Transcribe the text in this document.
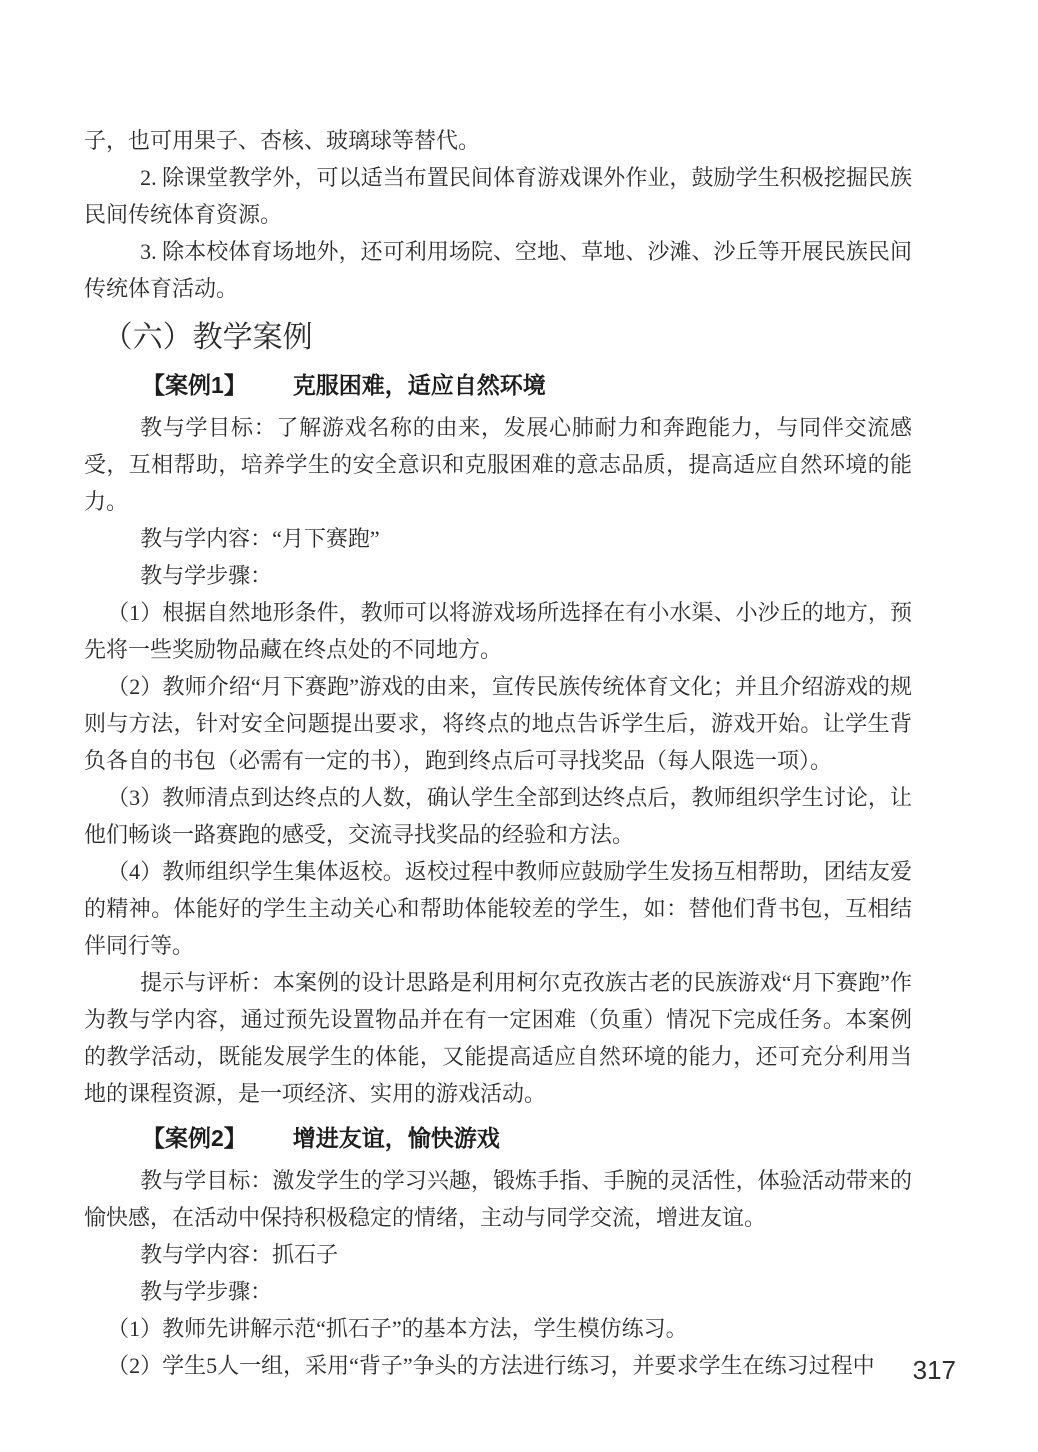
子，也可用果子、杏核、玻璃球等替代。

2. 除课堂教学外，可以适当布置民间体育游戏课外作业，鼓励学生积极挖掘民族民间传统体育资源。

3. 除本校体育场地外，还可利用场院、空地、草地、沙滩、沙丘等开展民族民间传统体育活动。

（六）教学案例
【案例1】 克服困难，适应自然环境

教与学目标：了解游戏名称的由来，发展心肺耐力和奔跑能力，与同伴交流感受，互相帮助，培养学生的安全意识和克服困难的意志品质，提高适应自然环境的能力。

教与学内容：“月下赛跑”

教与学步骤：

（1）根据自然地形条件，教师可以将游戏场所选择在有小水渠、小沙丘的地方，预先将一些奖励物品藏在终点处的不同地方。

（2）教师介绍“月下赛跑”游戏的由来，宣传民族传统体育文化；并且介绍游戏的规则与方法，针对安全问题提出要求，将终点的地点告诉学生后，游戏开始。让学生背负各自的书包（必需有一定的书），跑到终点后可寻找奖品（每人限选一项）。

（3）教师清点到达终点的人数，确认学生全部到达终点后，教师组织学生讨论，让他们畅谈一路赛跑的感受，交流寻找奖品的经验和方法。

（4）教师组织学生集体返校。返校过程中教师应鼓励学生发扬互相帮助，团结友爱的精神。体能好的学生主动关心和帮助体能较差的学生，如：替他们背书包，互相结伴同行等。

提示与评析：本案例的设计思路是利用柯尔克孜族古老的民族游戏“月下赛跑”作为教与学内容，通过预先设置物品并在有一定困难（负重）情况下完成任务。本案例的教学活动，既能发展学生的体能，又能提高适应自然环境的能力，还可充分利用当地的课程资源，是一项经济、实用的游戏活动。

【案例2】 增进友谊，愉快游戏

教与学目标：激发学生的学习兴趣，锻炼手指、手腕的灵活性，体验活动带来的愉快感，在活动中保持积极稳定的情绪，主动与同学交流，增进友谊。

教与学内容：抓石子

教与学步骤：

（1）教师先讲解示范“抓石子”的基本方法，学生模仿练习。

（2）学生5人一组，采用“背子”争头的方法进行练习，并要求学生在练习过程中	317
